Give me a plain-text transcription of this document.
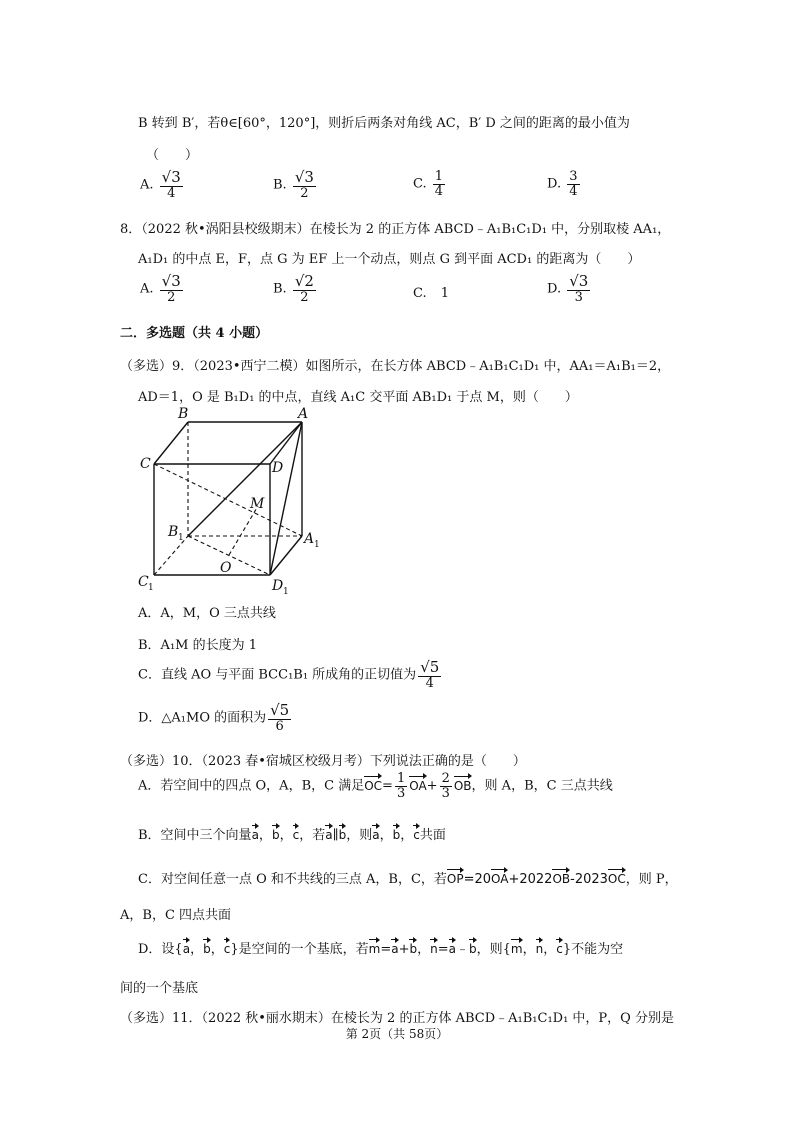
B 转到 B′，若θ∈[60°，120°]，则折后两条对角线 AC，B′ D 之间的距离的最小值为
（　　）
A. $\frac{√3}{4}$	B. $\frac{√3}{2}$	C. $\frac{1}{4}$	D. $\frac{3}{4}$
8．（2022 秋•涡阳县校级期末）在棱长为 2 的正方体 ABCD﹣A₁B₁C₁D₁ 中，分别取棱 AA₁，
A₁D₁ 的中点 E，F，点 G 为 EF 上一个动点，则点 G 到平面 ACD₁ 的距离为（　　）
A. $\frac{√3}{2}$	B. $\frac{√2}{2}$	C. 1	D. $\frac{√3}{3}$
二．多选题（共 4 小题）
（多选）9．（2023•西宁二模）如图所示，在长方体 ABCD﹣A₁B₁C₁D₁ 中，AA₁＝A₁B₁＝2，
AD＝1，O 是 B₁D₁ 的中点，直线 A₁C 交平面 AB₁D₁ 于点 M，则（　　）
B	A
C	D
M
B	A
O
C	D
1
1
1	1
A．A，M，O 三点共线
B．A₁M 的长度为 1
C．直线 AO 与平面 BCC₁B₁ 所成角的正切值为 $\frac{√5}{4}$
D．△A₁MO 的面积为 $\frac{√5}{6}$
（多选）10．（2023 春•宿城区校级月考）下列说法正确的是（　　）
A．若空间中的四点 O，A，B，C 满足$OC= \frac{1}{3} OA+ \frac{2}{3}$ OB，则 A，B，C 三点共线
B．空间中三个向量a，b，c，若a∥b，则a，b，c共面
C．对空间任意一点 O 和不共线的三点 A，B，C，若OP=20OA+2022OB-2023OC，则 P，
A，B，C 四点共面
D．设{a，b，c}是空间的一个基底，若m=a+b，n=a﹣b，则{m，n，c}不能为空
间的一个基底
（多选）11．（2022 秋•丽水期末）在棱长为 2 的正方体 ABCD﹣A₁B₁C₁D₁ 中，P，Q 分别是
第 2页（共 58页）
